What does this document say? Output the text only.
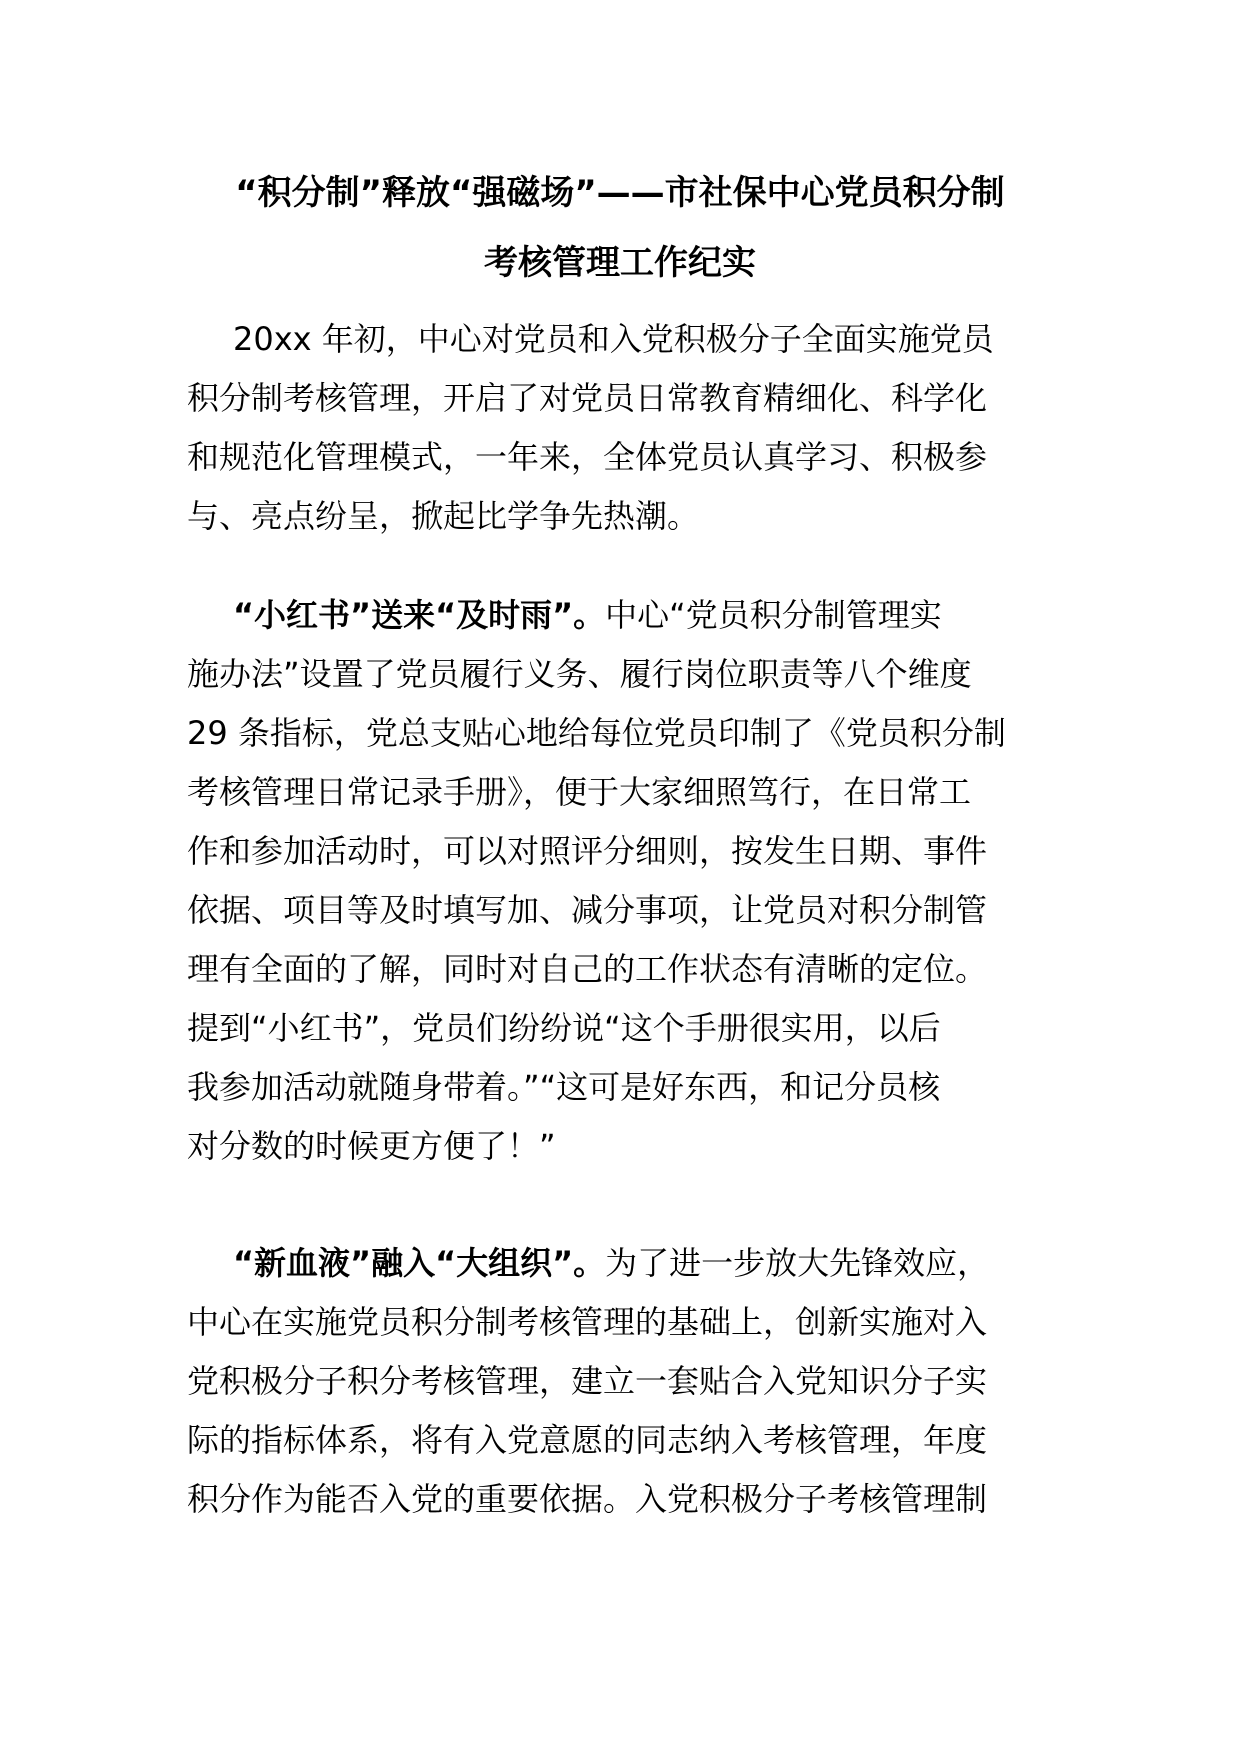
“积分制”释放“强磁场”——市社保中心党员积分制
考核管理工作纪实
20xx 年初，中心对党员和入党积极分子全面实施党员
积分制考核管理，开启了对党员日常教育精细化、科学化
和规范化管理模式，一年来，全体党员认真学习、积极参
与、亮点纷呈，掀起比学争先热潮。
“小红书”送来“及时雨”。中心“党员积分制管理实
施办法”设置了党员履行义务、履行岗位职责等八个维度
29 条指标，党总支贴心地给每位党员印制了《党员积分制
考核管理日常记录手册》，便于大家细照笃行，在日常工
作和参加活动时，可以对照评分细则，按发生日期、事件
依据、项目等及时填写加、减分事项，让党员对积分制管
理有全面的了解，同时对自己的工作状态有清晰的定位。
提到“小红书”，党员们纷纷说“这个手册很实用，以后
我参加活动就随身带着。”“这可是好东西，和记分员核
对分数的时候更方便了！”
“新血液”融入“大组织”。为了进一步放大先锋效应，
中心在实施党员积分制考核管理的基础上，创新实施对入
党积极分子积分考核管理，建立一套贴合入党知识分子实
际的指标体系，将有入党意愿的同志纳入考核管理，年度
积分作为能否入党的重要依据。入党积极分子考核管理制
